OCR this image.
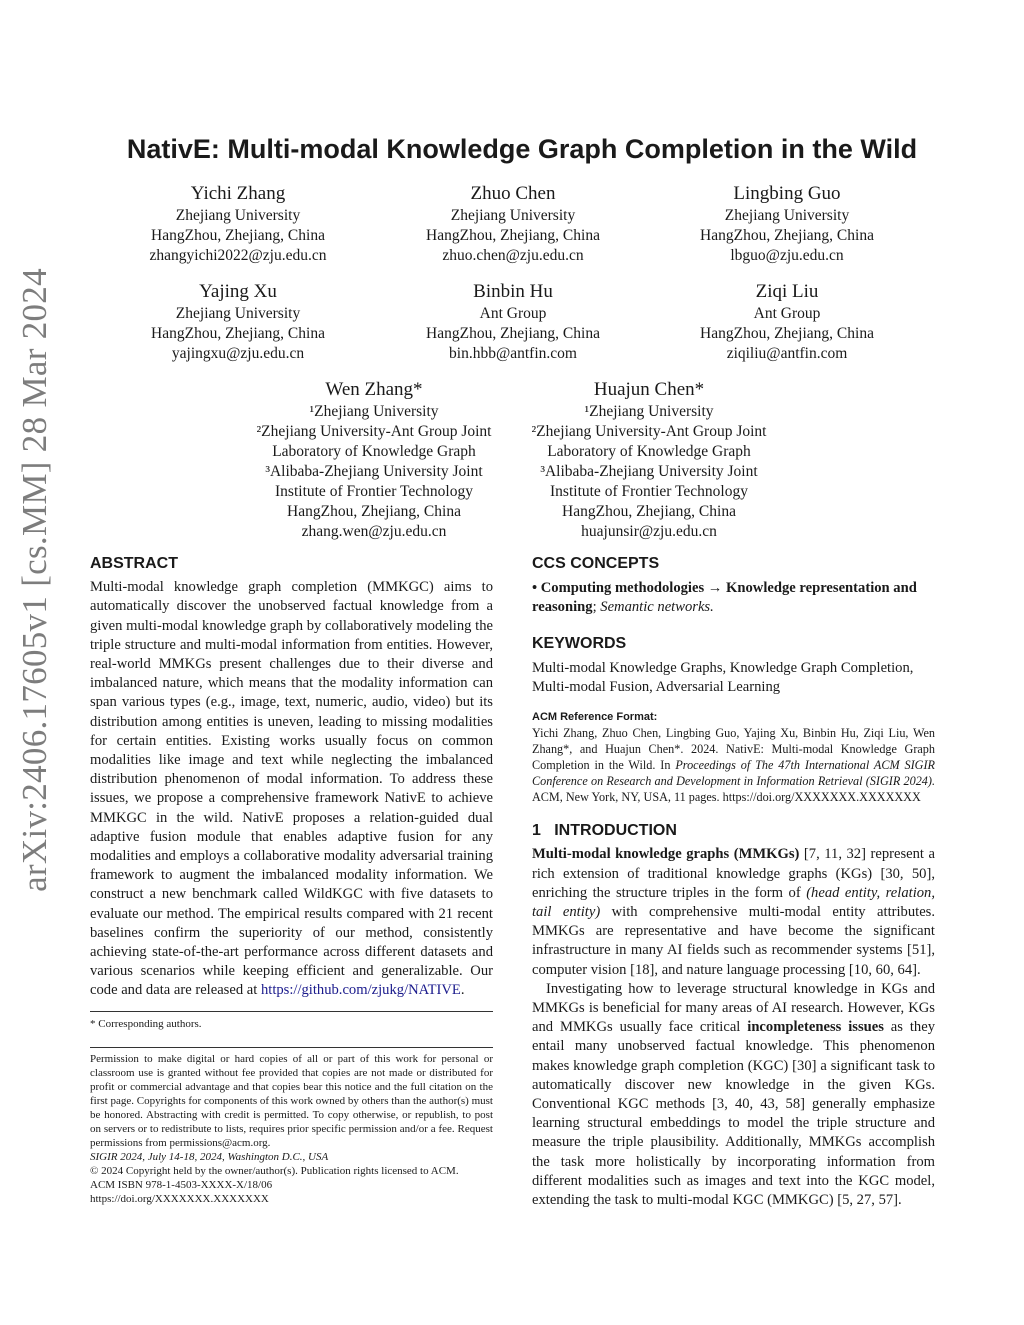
arXiv:2406.17605v1 [cs.MM] 28 Mar 2024
NativE: Multi-modal Knowledge Graph Completion in the Wild
Yichi Zhang
Zhejiang University
HangZhou, Zhejiang, China
zhangyichi2022@zju.edu.cn
Zhuo Chen
Zhejiang University
HangZhou, Zhejiang, China
zhuo.chen@zju.edu.cn
Lingbing Guo
Zhejiang University
HangZhou, Zhejiang, China
lbguo@zju.edu.cn
Yajing Xu
Zhejiang University
HangZhou, Zhejiang, China
yajingxu@zju.edu.cn
Binbin Hu
Ant Group
HangZhou, Zhejiang, China
bin.hbb@antfin.com
Ziqi Liu
Ant Group
HangZhou, Zhejiang, China
ziqiliu@antfin.com
Wen Zhang*
¹Zhejiang University
²Zhejiang University-Ant Group Joint
Laboratory of Knowledge Graph
³Alibaba-Zhejiang University Joint
Institute of Frontier Technology
HangZhou, Zhejiang, China
zhang.wen@zju.edu.cn
Huajun Chen*
¹Zhejiang University
²Zhejiang University-Ant Group Joint
Laboratory of Knowledge Graph
³Alibaba-Zhejiang University Joint
Institute of Frontier Technology
HangZhou, Zhejiang, China
huajunsir@zju.edu.cn
ABSTRACT

Multi-modal knowledge graph completion (MMKGC) aims to automatically discover the unobserved factual knowledge from a given multi-modal knowledge graph by collaboratively modeling the triple structure and multi-modal information from entities. However, real-world MMKGs present challenges due to their diverse and imbalanced nature, which means that the modality information can span various types (e.g., image, text, numeric, audio, video) but its distribution among entities is uneven, leading to missing modalities for certain entities. Existing works usually focus on common modalities like image and text while neglecting the imbalanced distribution phenomenon of modal information. To address these issues, we propose a comprehensive framework NativE to achieve MMKGC in the wild. NativE proposes a relation-guided dual adaptive fusion module that enables adaptive fusion for any modalities and employs a collaborative modality adversarial training framework to augment the imbalanced modality information. We construct a new benchmark called WildKGC with five datasets to evaluate our method. The empirical results compared with 21 recent baselines confirm the superiority of our method, consistently achieving state-of-the-art performance across different datasets and various scenarios while keeping efficient and generalizable. Our code and data are released at https://github.com/zjukg/NATIVE.

* Corresponding authors.

Permission to make digital or hard copies of all or part of this work for personal or classroom use is granted without fee provided that copies are not made or distributed for profit or commercial advantage and that copies bear this notice and the full citation on the first page. Copyrights for components of this work owned by others than the author(s) must be honored. Abstracting with credit is permitted. To copy otherwise, or republish, to post on servers or to redistribute to lists, requires prior specific permission and/or a fee. Request permissions from permissions@acm.org.

SIGIR 2024, July 14-18, 2024, Washington D.C., USA

© 2024 Copyright held by the owner/author(s). Publication rights licensed to ACM.

ACM ISBN 978-1-4503-XXXX-X/18/06

https://doi.org/XXXXXXX.XXXXXXX

CCS CONCEPTS

• Computing methodologies → Knowledge representation and reasoning; Semantic networks.

KEYWORDS

Multi-modal Knowledge Graphs, Knowledge Graph Completion, Multi-modal Fusion, Adversarial Learning

ACM Reference Format:

Yichi Zhang, Zhuo Chen, Lingbing Guo, Yajing Xu, Binbin Hu, Ziqi Liu, Wen Zhang*, and Huajun Chen*. 2024. NativE: Multi-modal Knowledge Graph Completion in the Wild. In Proceedings of The 47th International ACM SIGIR Conference on Research and Development in Information Retrieval (SIGIR 2024). ACM, New York, NY, USA, 11 pages. https://doi.org/XXXXXXX.XXXXXXX

1   INTRODUCTION

Multi-modal knowledge graphs (MMKGs) [7, 11, 32] represent a rich extension of traditional knowledge graphs (KGs) [30, 50], enriching the structure triples in the form of (head entity, relation, tail entity) with comprehensive multi-modal entity attributes. MMKGs are representative and have become the significant infrastructure in many AI fields such as recommender systems [51], computer vision [18], and nature language processing [10, 60, 64].

Investigating how to leverage structural knowledge in KGs and MMKGs is beneficial for many areas of AI research. However, KGs and MMKGs usually face critical incompleteness issues as they entail many unobserved factual knowledge. This phenomenon makes knowledge graph completion (KGC) [30] a significant task to automatically discover new knowledge in the given KGs. Conventional KGC methods [3, 40, 43, 58] generally emphasize learning structural embeddings to model the triple structure and measure the triple plausibility. Additionally, MMKGs accomplish the task more holistically by incorporating information from different modalities such as images and text into the KGC model, extending the task to multi-modal KGC (MMKGC) [5, 27, 57].
